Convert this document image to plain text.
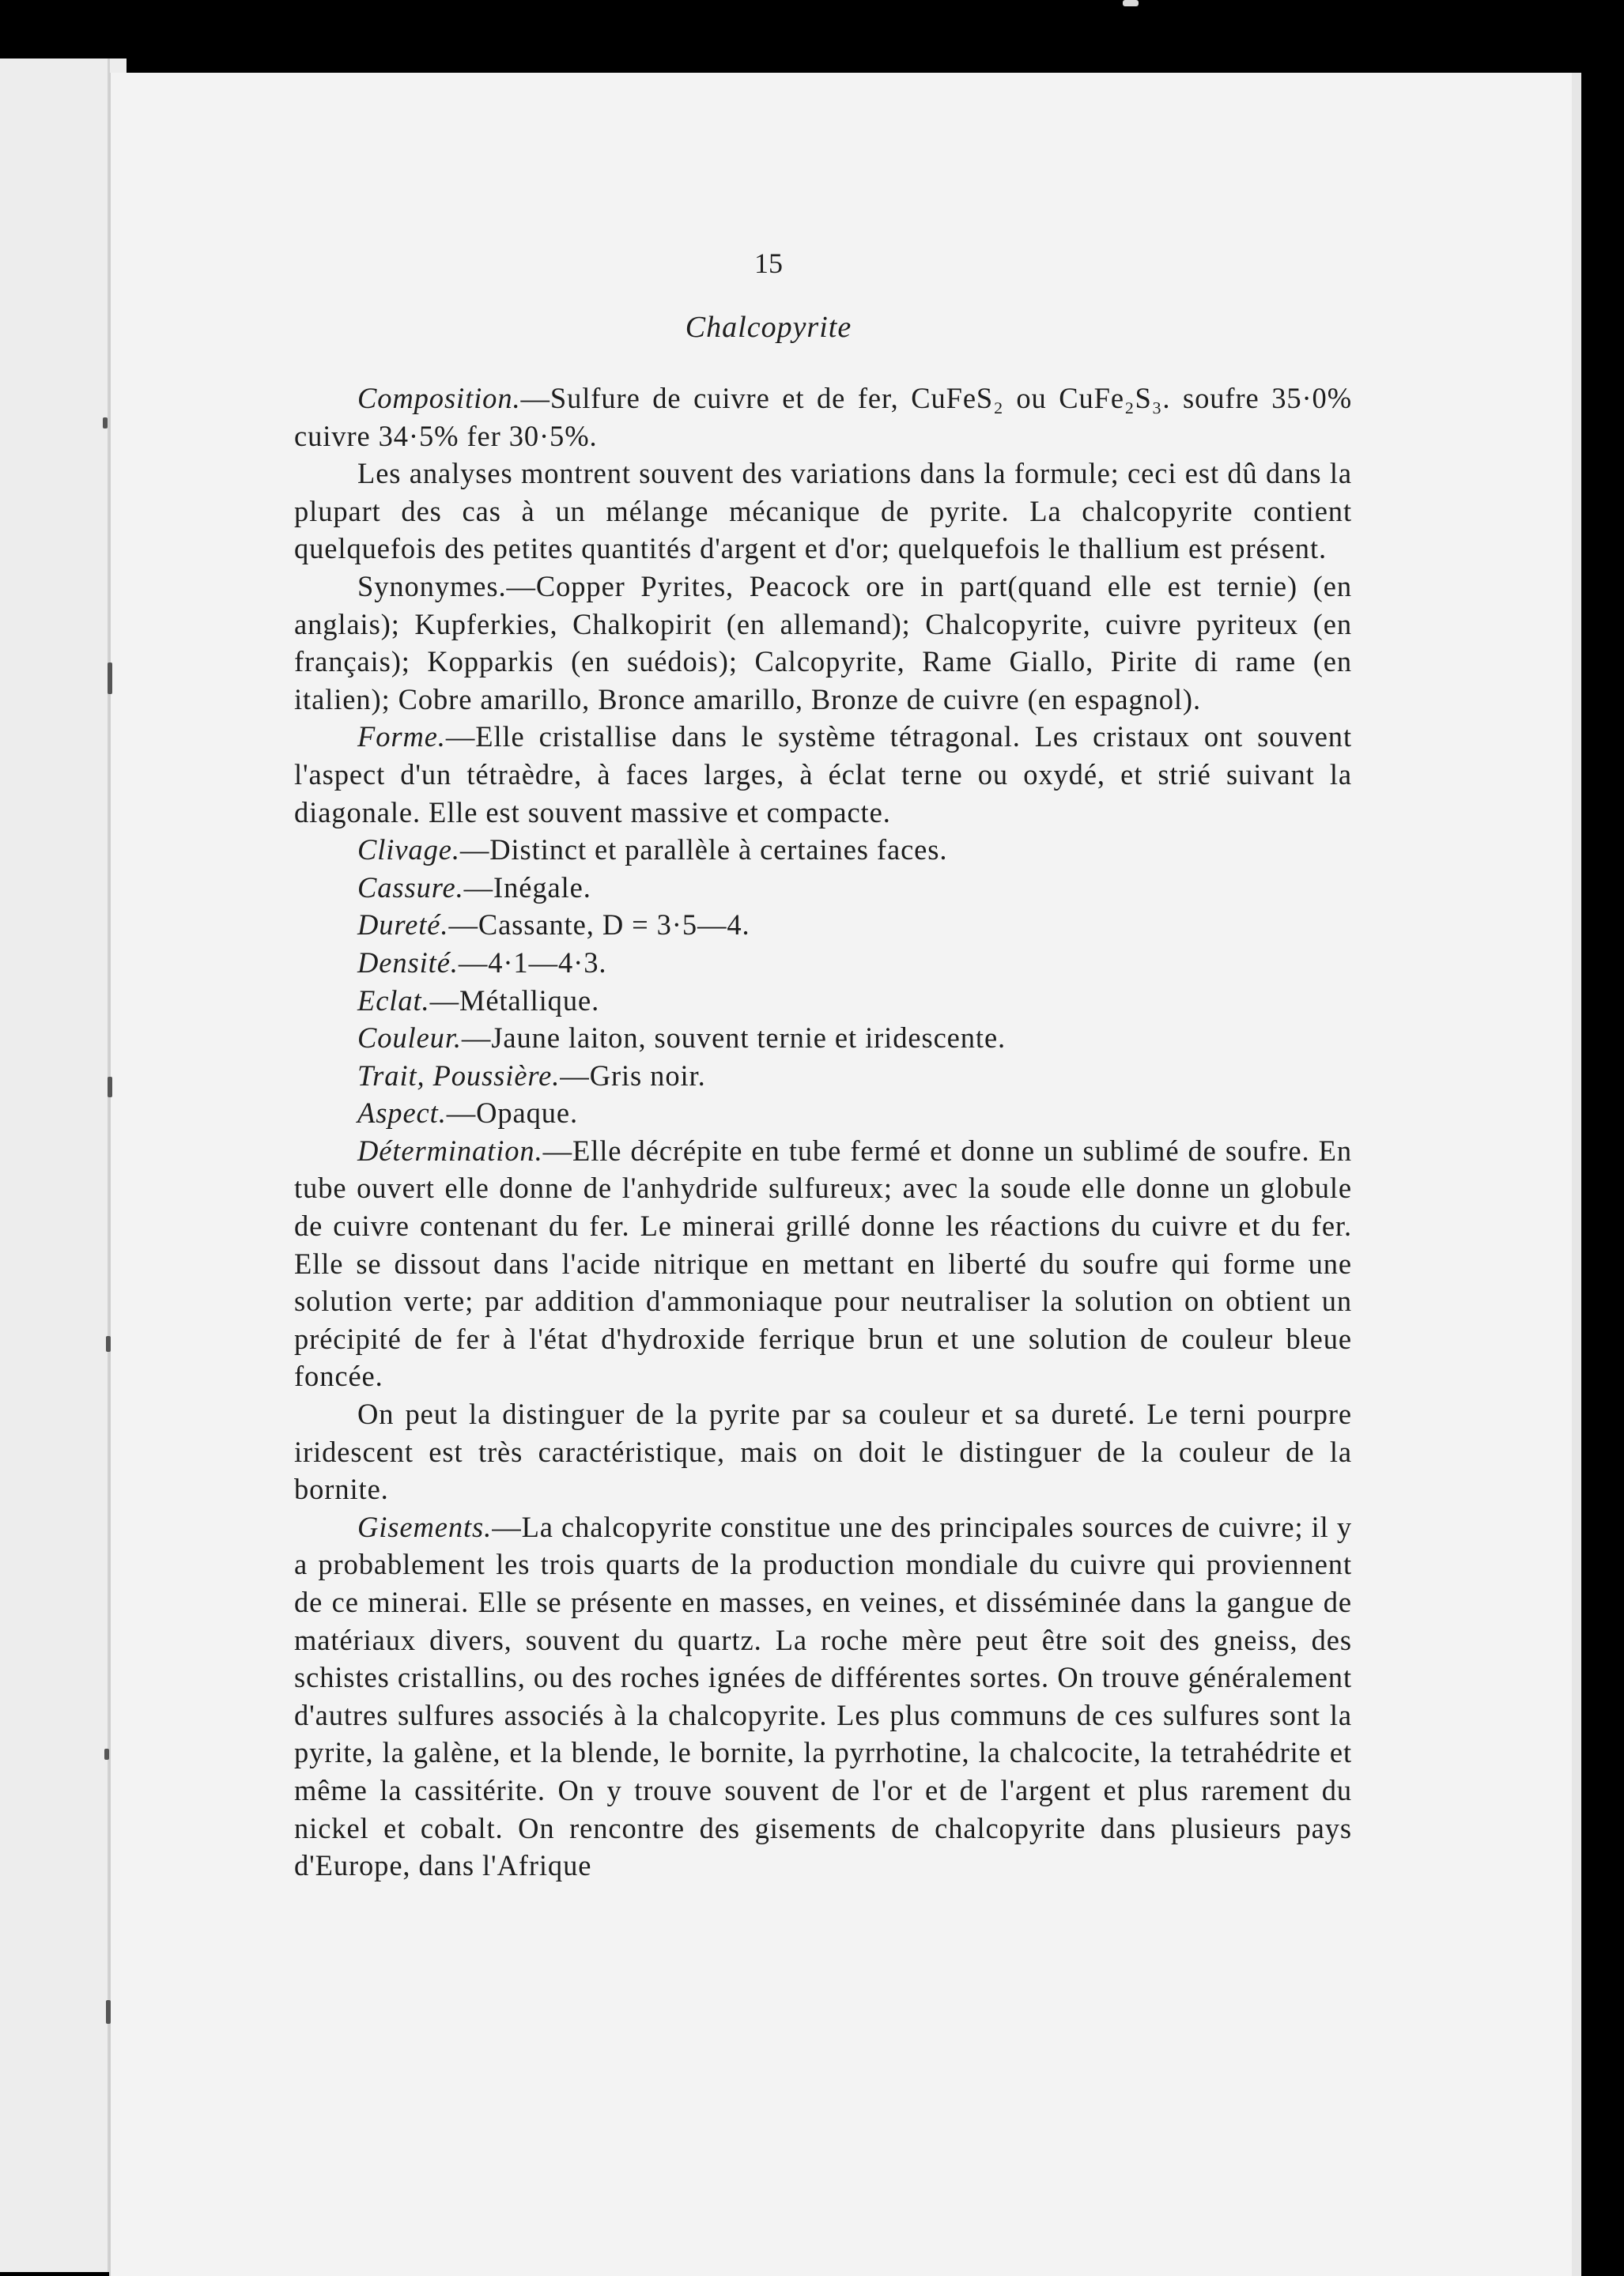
15
Chalcopyrite

Composition.—Sulfure de cuivre et de fer, CuFeS₂ ou CuFe₂S₃. soufre 35·0% cuivre 34·5% fer 30·5%.

Les analyses montrent souvent des variations dans la formule; ceci est dû dans la plupart des cas à un mélange mécanique de pyrite. La chalcopyrite contient quelquefois des petites quantités d'argent et d'or; quelquefois le thallium est présent.

Synonymes.—Copper Pyrites, Peacock ore in part(quand elle est ternie) (en anglais); Kupferkies, Chalkopirit (en allemand); Chalcopyrite, cuivre pyriteux (en français); Kopparkis (en suédois); Calcopyrite, Rame Giallo, Pirite di rame (en italien); Cobre amarillo, Bronce amarillo, Bronze de cuivre (en espagnol).

Forme.—Elle cristallise dans le système tétragonal. Les cristaux ont souvent l'aspect d'un tétraèdre, à faces larges, à éclat terne ou oxydé, et strié suivant la diagonale. Elle est souvent massive et compacte.

Clivage.—Distinct et parallèle à certaines faces.

Cassure.—Inégale.

Dureté.—Cassante, D = 3·5—4.

Densité.—4·1—4·3.

Eclat.—Métallique.

Couleur.—Jaune laiton, souvent ternie et iridescente.

Trait, Poussière.—Gris noir.

Aspect.—Opaque.

Détermination.—Elle décrépite en tube fermé et donne un sublimé de soufre. En tube ouvert elle donne de l'anhydride sulfureux; avec la soude elle donne un globule de cuivre contenant du fer. Le minerai grillé donne les réactions du cuivre et du fer. Elle se dissout dans l'acide nitrique en mettant en liberté du soufre qui forme une solution verte; par addition d'ammoniaque pour neutraliser la solution on obtient un précipité de fer à l'état d'hydroxide ferrique brun et une solution de couleur bleue foncée.

On peut la distinguer de la pyrite par sa couleur et sa dureté. Le terni pourpre iridescent est très caractéristique, mais on doit le distinguer de la couleur de la bornite.

Gisements.—La chalcopyrite constitue une des principales sources de cuivre; il y a probablement les trois quarts de la production mondiale du cuivre qui proviennent de ce minerai. Elle se présente en masses, en veines, et disséminée dans la gangue de matériaux divers, souvent du quartz. La roche mère peut être soit des gneiss, des schistes cristallins, ou des roches ignées de différentes sortes. On trouve généralement d'autres sulfures associés à la chalcopyrite. Les plus communs de ces sulfures sont la pyrite, la galène, et la blende, le bornite, la pyrrhotine, la chalcocite, la tetrahédrite et même la cassitérite. On y trouve souvent de l'or et de l'argent et plus rarement du nickel et cobalt. On rencontre des gisements de chalcopyrite dans plusieurs pays d'Europe, dans l'Afrique
